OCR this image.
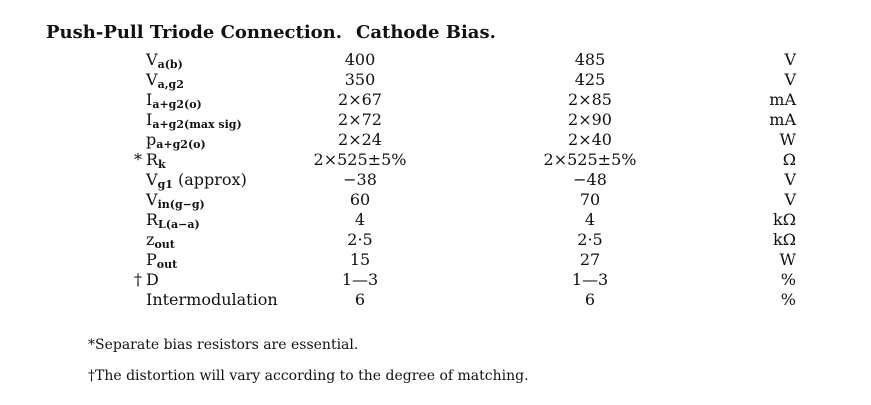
Push-Pull Triode Connection. Cathode Bias.
Va(b)	400	485	V
Va,g2	350	425	V
Ia+g2(o)	2×67	2×85	mA
Ia+g2(max sig)	2×72	2×90	mA
pa+g2(o)	2×24	2×40	W
* Rk	2×525±5%	2×525±5%	Ω
Vg1 (approx)	−38	−48	V
Vin(g−g)	60	70	V
RL(a−a)	4	4	kΩ
zout	2·5	2·5	kΩ
Pout	15	27	W
† D	1—3	1—3	%
Intermodulation	6	6	%
*Separate bias resistors are essential.
†The distortion will vary according to the degree of matching.
